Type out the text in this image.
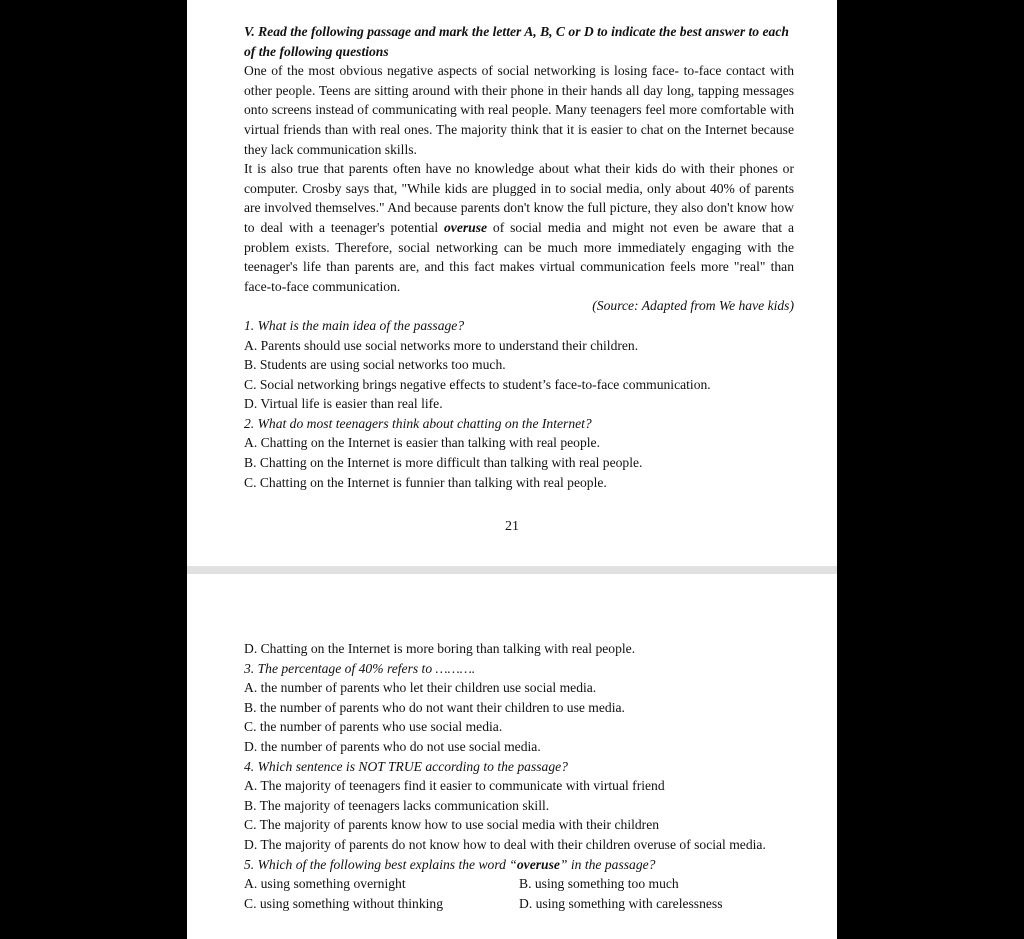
V. Read the following passage and mark the letter A, B, C or D to indicate the best answer to each of the following questions

One of the most obvious negative aspects of social networking is losing face- to-face contact with other people. Teens are sitting around with their phone in their hands all day long, tapping messages onto screens instead of communicating with real people. Many teenagers feel more comfortable with virtual friends than with real ones. The majority think that it is easier to chat on the Internet because they lack communication skills.

It is also true that parents often have no knowledge about what their kids do with their phones or computer. Crosby says that, "While kids are plugged in to social media, only about 40% of parents are involved themselves." And because parents don't know the full picture, they also don't know how to deal with a teenager's potential overuse of social media and might not even be aware that a problem exists. Therefore, social networking can be much more immediately engaging with the teenager's life than parents are, and this fact makes virtual communication feels more "real" than face-to-face communication.

(Source: Adapted from We have kids)

1. What is the main idea of the passage?

A. Parents should use social networks more to understand their children.

B. Students are using social networks too much.

C. Social networking brings negative effects to student’s face-to-face communication.

D. Virtual life is easier than real life.

2. What do most teenagers think about chatting on the Internet?

A. Chatting on the Internet is easier than talking with real people.

B. Chatting on the Internet is more difficult than talking with real people.

C. Chatting on the Internet is funnier than talking with real people.

21

D. Chatting on the Internet is more boring than talking with real people.

3. The percentage of 40% refers to ……….

A. the number of parents who let their children use social media.

B. the number of parents who do not want their children to use media.

C. the number of parents who use social media.

D. the number of parents who do not use social media.

4. Which sentence is NOT TRUE according to the passage?

A. The majority of teenagers find it easier to communicate with virtual friend

B. The majority of teenagers lacks communication skill.

C. The majority of parents know how to use social media with their children

D. The majority of parents do not know how to deal with their children overuse of social media.

5. Which of the following best explains the word “overuse” in the passage?

A. using something overnight	B. using something too much
C. using something without thinking	D. using something with carelessness
